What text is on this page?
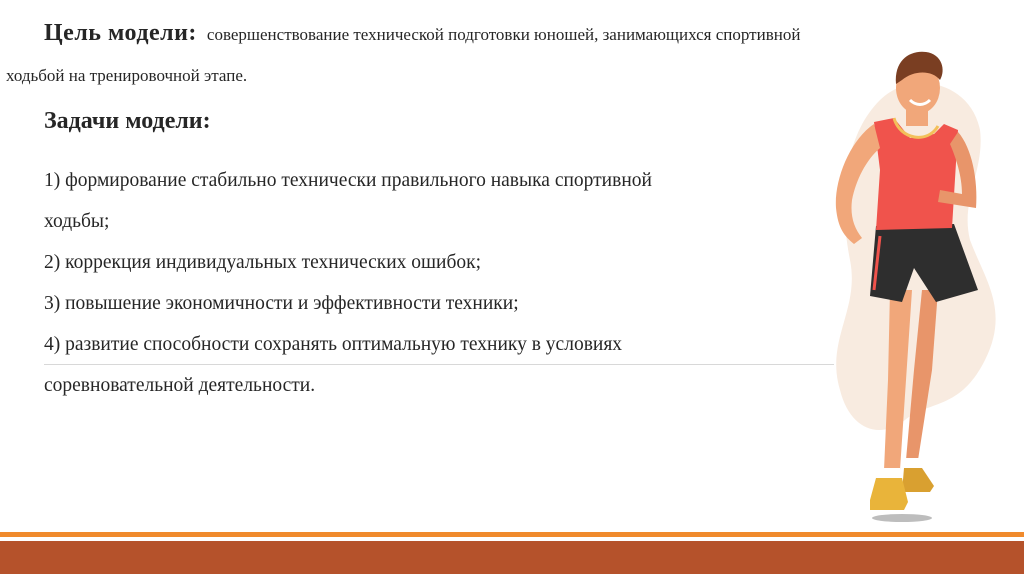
Цель модели: совершенствование технической подготовки юношей, занимающихся спортивной
ходьбой на тренировочной этапе.
Задачи модели:
1) формирование стабильно технически правильного навыка спортивной
ходьбы;
2) коррекция индивидуальных технических ошибок;
3) повышение экономичности и эффективности техники;
4) развитие способности сохранять оптимальную технику в условиях
соревновательной деятельности.
